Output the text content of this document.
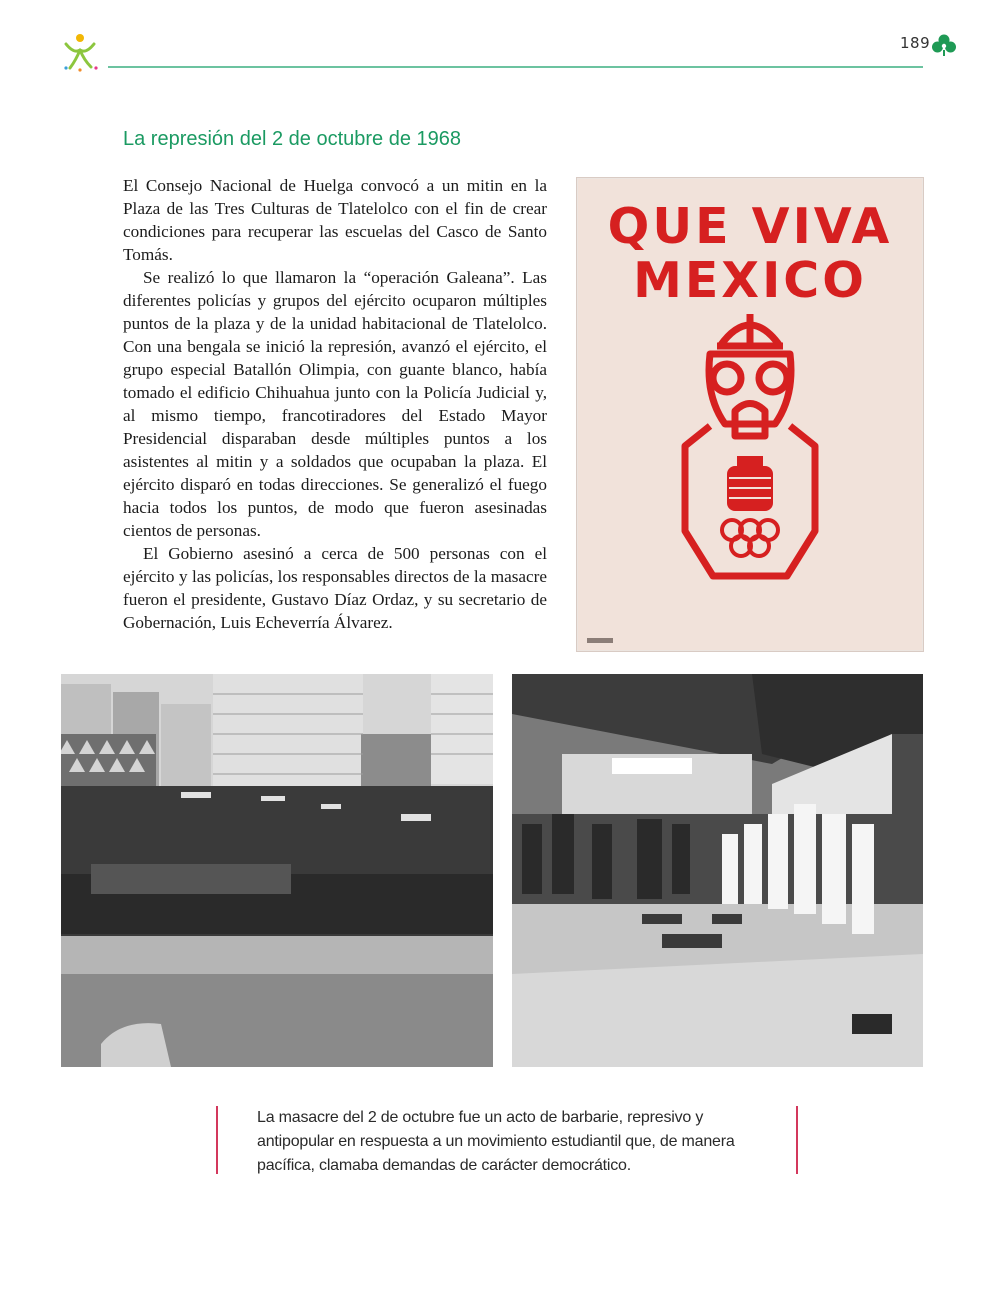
189
La represión del 2 de octubre de 1968

El Consejo Nacional de Huelga convocó a un mitin en la Plaza de las Tres Culturas de Tlatelolco con el fin de crear condiciones para recuperar las escuelas del Casco de Santo Tomás.

Se realizó lo que llamaron la “operación Galeana”. Las diferentes policías y grupos del ejército ocuparon múltiples puntos de la plaza y de la unidad habitacional de Tlatelolco. Con una bengala se inició la represión, avanzó el ejército, el grupo especial Batallón Olimpia, con guante blanco, había tomado el edificio Chihuahua junto con la Policía Judicial y, al mismo tiempo, francotiradores del Estado Mayor Presidencial disparaban desde múltiples puntos a los asistentes al mitin y a soldados que ocupaban la plaza. El ejército disparó en todas direcciones. Se generalizó el fuego hacia todos los puntos, de modo que fueron asesinadas cientos de personas.

El Gobierno asesinó a cerca de 500 personas con el ejército y las policías, los responsables directos de la masacre fueron el presidente, Gustavo Díaz Ordaz, y su secretario de Gobernación, Luis Echeverría Álvarez.

QUE VIVA
MEXICO

La masacre del 2 de octubre fue un acto de barbarie, represivo y antipopular en respuesta a un movimiento estudiantil que, de manera pacífica, clamaba demandas de carácter democrático.
